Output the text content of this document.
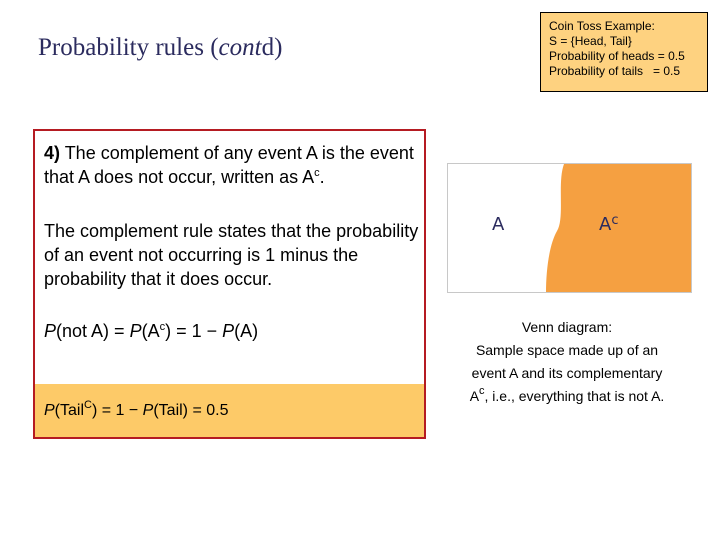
Probability rules (contd)
Coin Toss Example:
S = {Head, Tail}
Probability of heads = 0.5
Probability of tails   = 0.5
4) The complement of any event A is the event that A does not occur, written as $A^c$.
The complement rule states that the probability of an event not occurring is 1 minus the probability that it does occur.
P(not $A) = P(A^c) = 1 - P(A)$
P(Tail$^C$) = 1 − P(Tail) = 0.5
A	$A^c$
Venn diagram:
Sample space made up of an
event A and its complementary
$A^c$, i.e., everything that is not A.
